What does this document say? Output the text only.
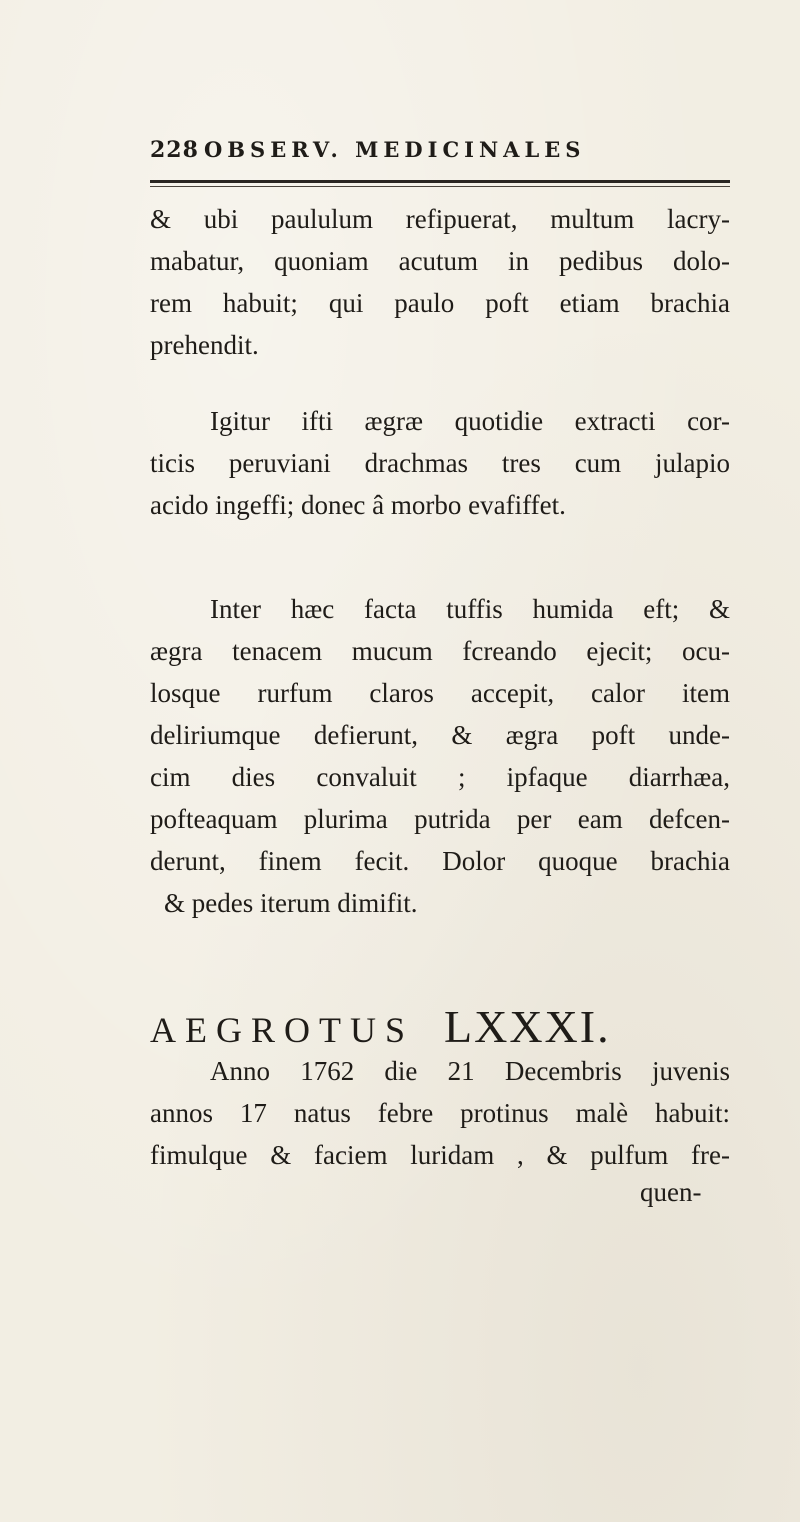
228 OBSERV. MEDICINALES
& ubi paululum refipuerat, multum lacry-
mabatur, quoniam acutum in pedibus dolo-
rem habuit; qui paulo poft etiam brachia
prehendit.
Igitur ifti ægræ quotidie extracti cor-
ticis peruviani drachmas tres cum julapio
acido ingeffi; donec â morbo evafiffet.
Inter hæc facta tuffis humida eft; &
ægra tenacem mucum fcreando ejecit; ocu-
losque rurfum claros accepit, calor item
deliriumque defierunt, & ægra poft unde-
cim dies convaluit ; ipfaque diarrhæa,
pofteaquam plurima putrida per eam defcen-
derunt, finem fecit. Dolor quoque brachia
& pedes iterum dimifit.
AEGROTUS LXXXI.
Anno 1762 die 21 Decembris juvenis
annos 17 natus febre protinus malè habuit:
fimulque & faciem luridam , & pulfum fre-
quen-
